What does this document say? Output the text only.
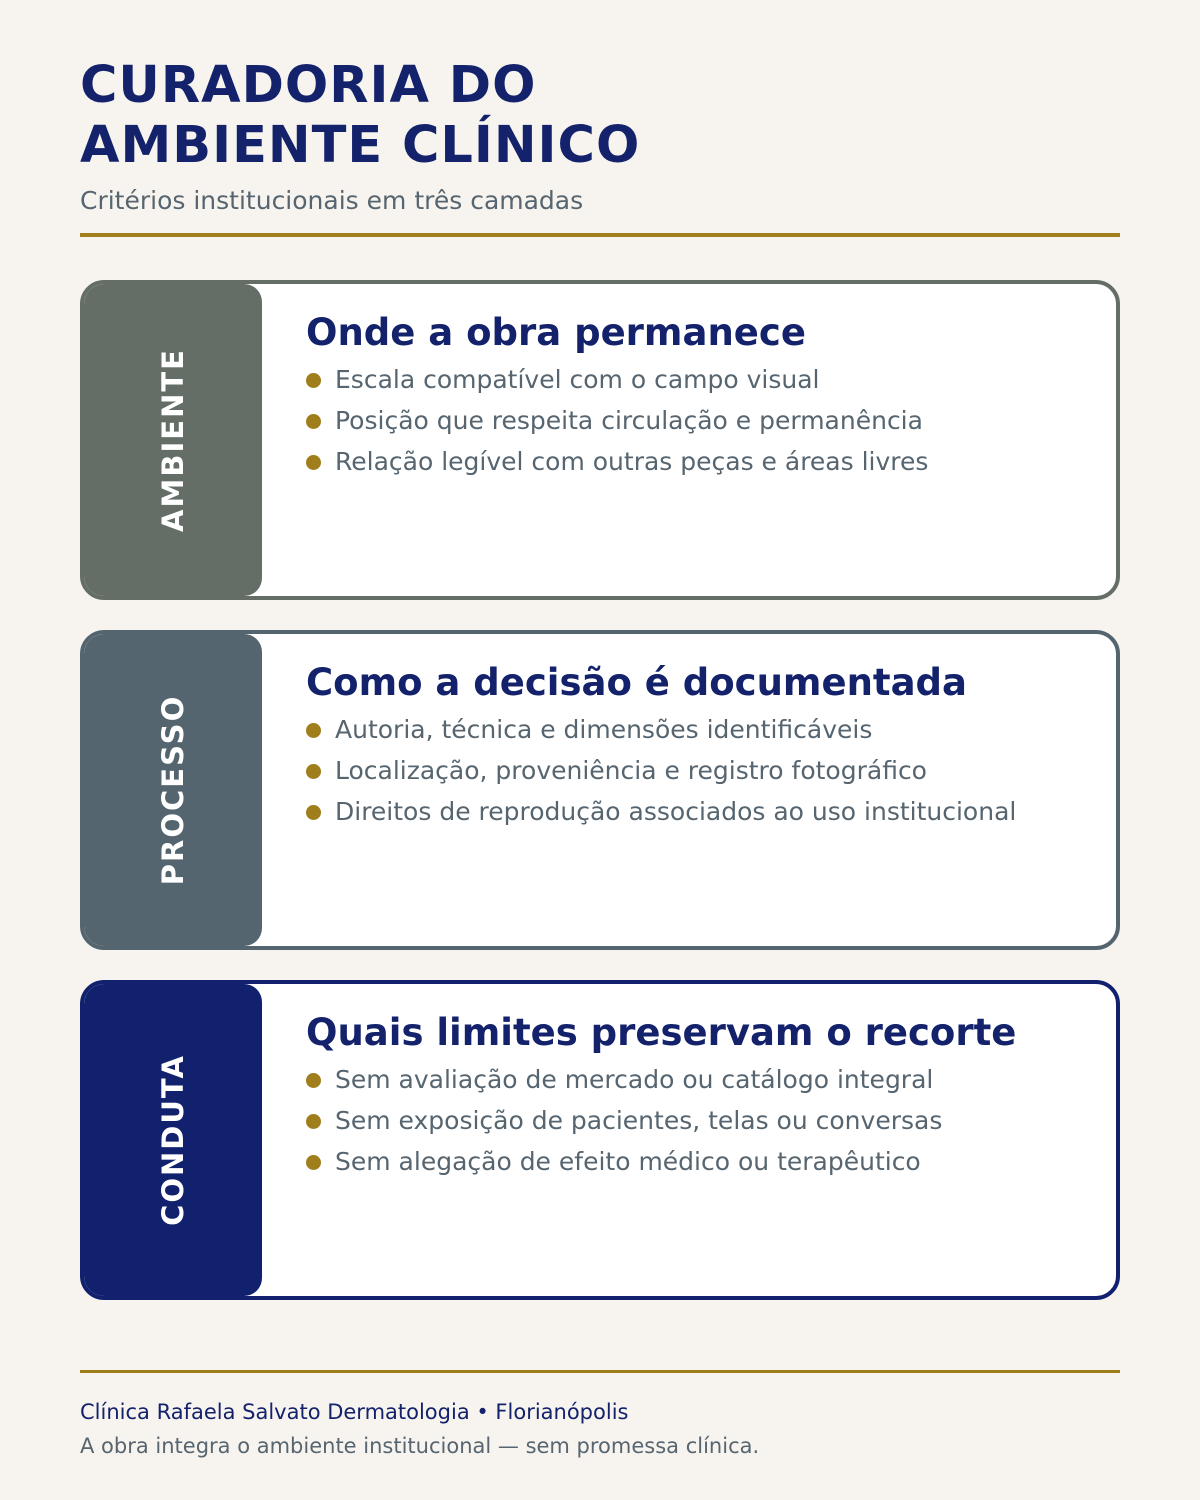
CURADORIA DO
AMBIENTE CLÍNICO
Critérios institucionais em três camadas
AMBIENTE
Onde a obra permanece
Escala compatível com o campo visual
Posição que respeita circulação e permanência
Relação legível com outras peças e áreas livres
PROCESSO
Como a decisão é documentada
Autoria, técnica e dimensões identificáveis
Localização, proveniência e registro fotográfico
Direitos de reprodução associados ao uso institucional
CONDUTA
Quais limites preservam o recorte
Sem avaliação de mercado ou catálogo integral
Sem exposição de pacientes, telas ou conversas
Sem alegação de efeito médico ou terapêutico
Clínica Rafaela Salvato Dermatologia • Florianópolis
A obra integra o ambiente institucional — sem promessa clínica.
